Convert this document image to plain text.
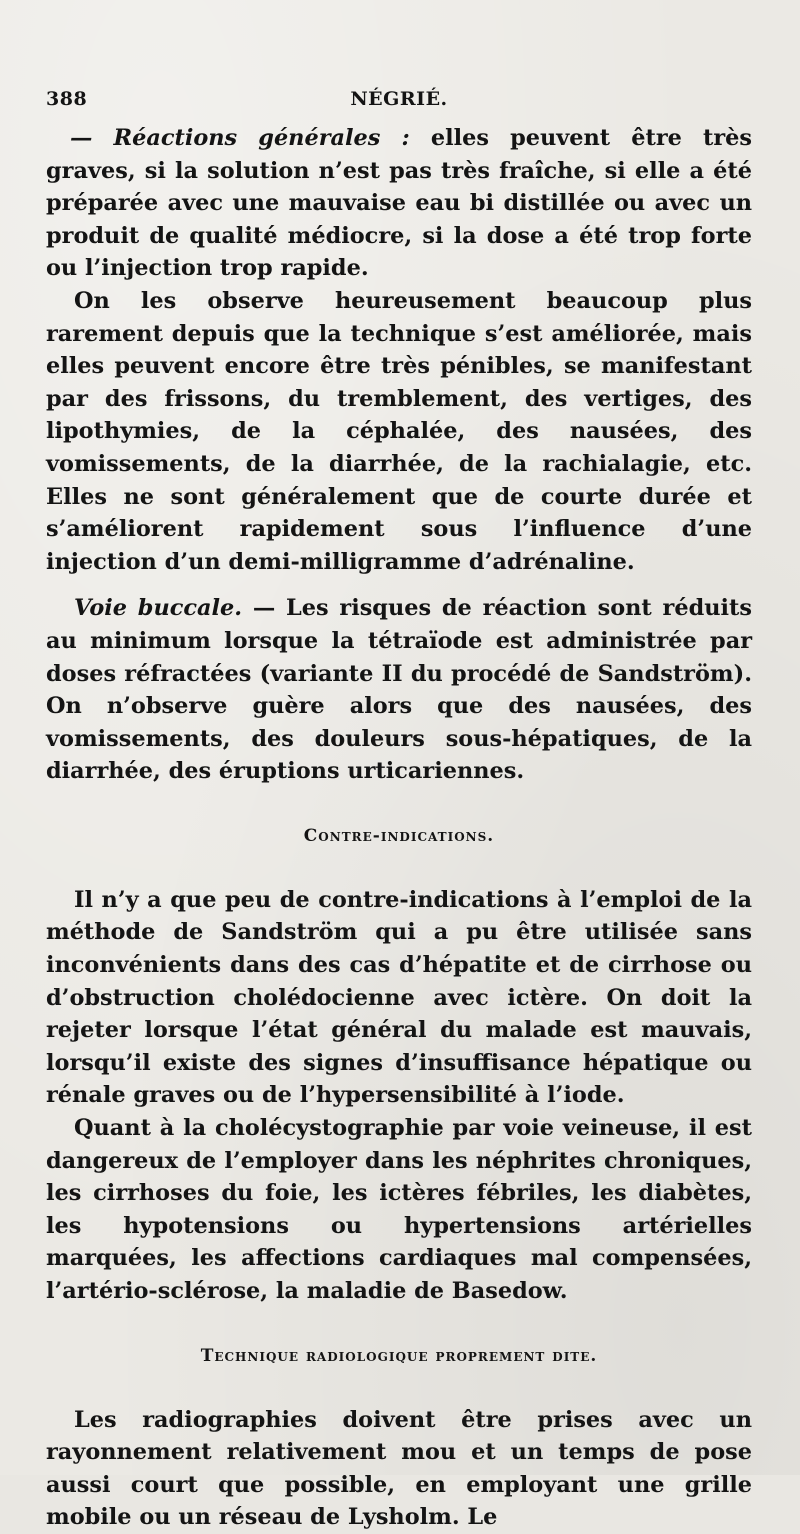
388	NÉGRIÉ.

— Réactions générales : elles peuvent être très graves, si la solution n’est pas très fraîche, si elle a été préparée avec une mauvaise eau bi distillée ou avec un produit de qualité médiocre, si la dose a été trop forte ou l’injection trop rapide.

On les observe heureusement beaucoup plus rarement depuis que la technique s’est améliorée, mais elles peuvent encore être très pénibles, se manifestant par des frissons, du tremblement, des vertiges, des lipothymies, de la céphalée, des nausées, des vomissements, de la diarrhée, de la rachialagie, etc. Elles ne sont généralement que de courte durée et s’améliorent rapidement sous l’influence d’une injection d’un demi-milligramme d’adrénaline.

Voie buccale. — Les risques de réaction sont réduits au minimum lorsque la tétraïode est administrée par doses réfractées (variante II du procédé de Sandström). On n’observe guère alors que des nausées, des vomissements, des douleurs sous-hépatiques, de la diarrhée, des éruptions urticariennes.

Contre-indications.

Il n’y a que peu de contre-indications à l’emploi de la méthode de Sandström qui a pu être utilisée sans inconvénients dans des cas d’hépatite et de cirrhose ou d’obstruction cholédocienne avec ictère. On doit la rejeter lorsque l’état général du malade est mauvais, lorsqu’il existe des signes d’insuffisance hépatique ou rénale graves ou de l’hypersensibilité à l’iode.

Quant à la cholécystographie par voie veineuse, il est dangereux de l’employer dans les néphrites chroniques, les cirrhoses du foie, les ictères fébriles, les diabètes, les hypotensions ou hypertensions artérielles marquées, les affections cardiaques mal compensées, l’artério-sclérose, la maladie de Basedow.

Technique radiologique proprement dite.

Les radiographies doivent être prises avec un rayonnement relativement mou et un temps de pose aussi court que possible, en employant une grille mobile ou un réseau de Lysholm. Le
